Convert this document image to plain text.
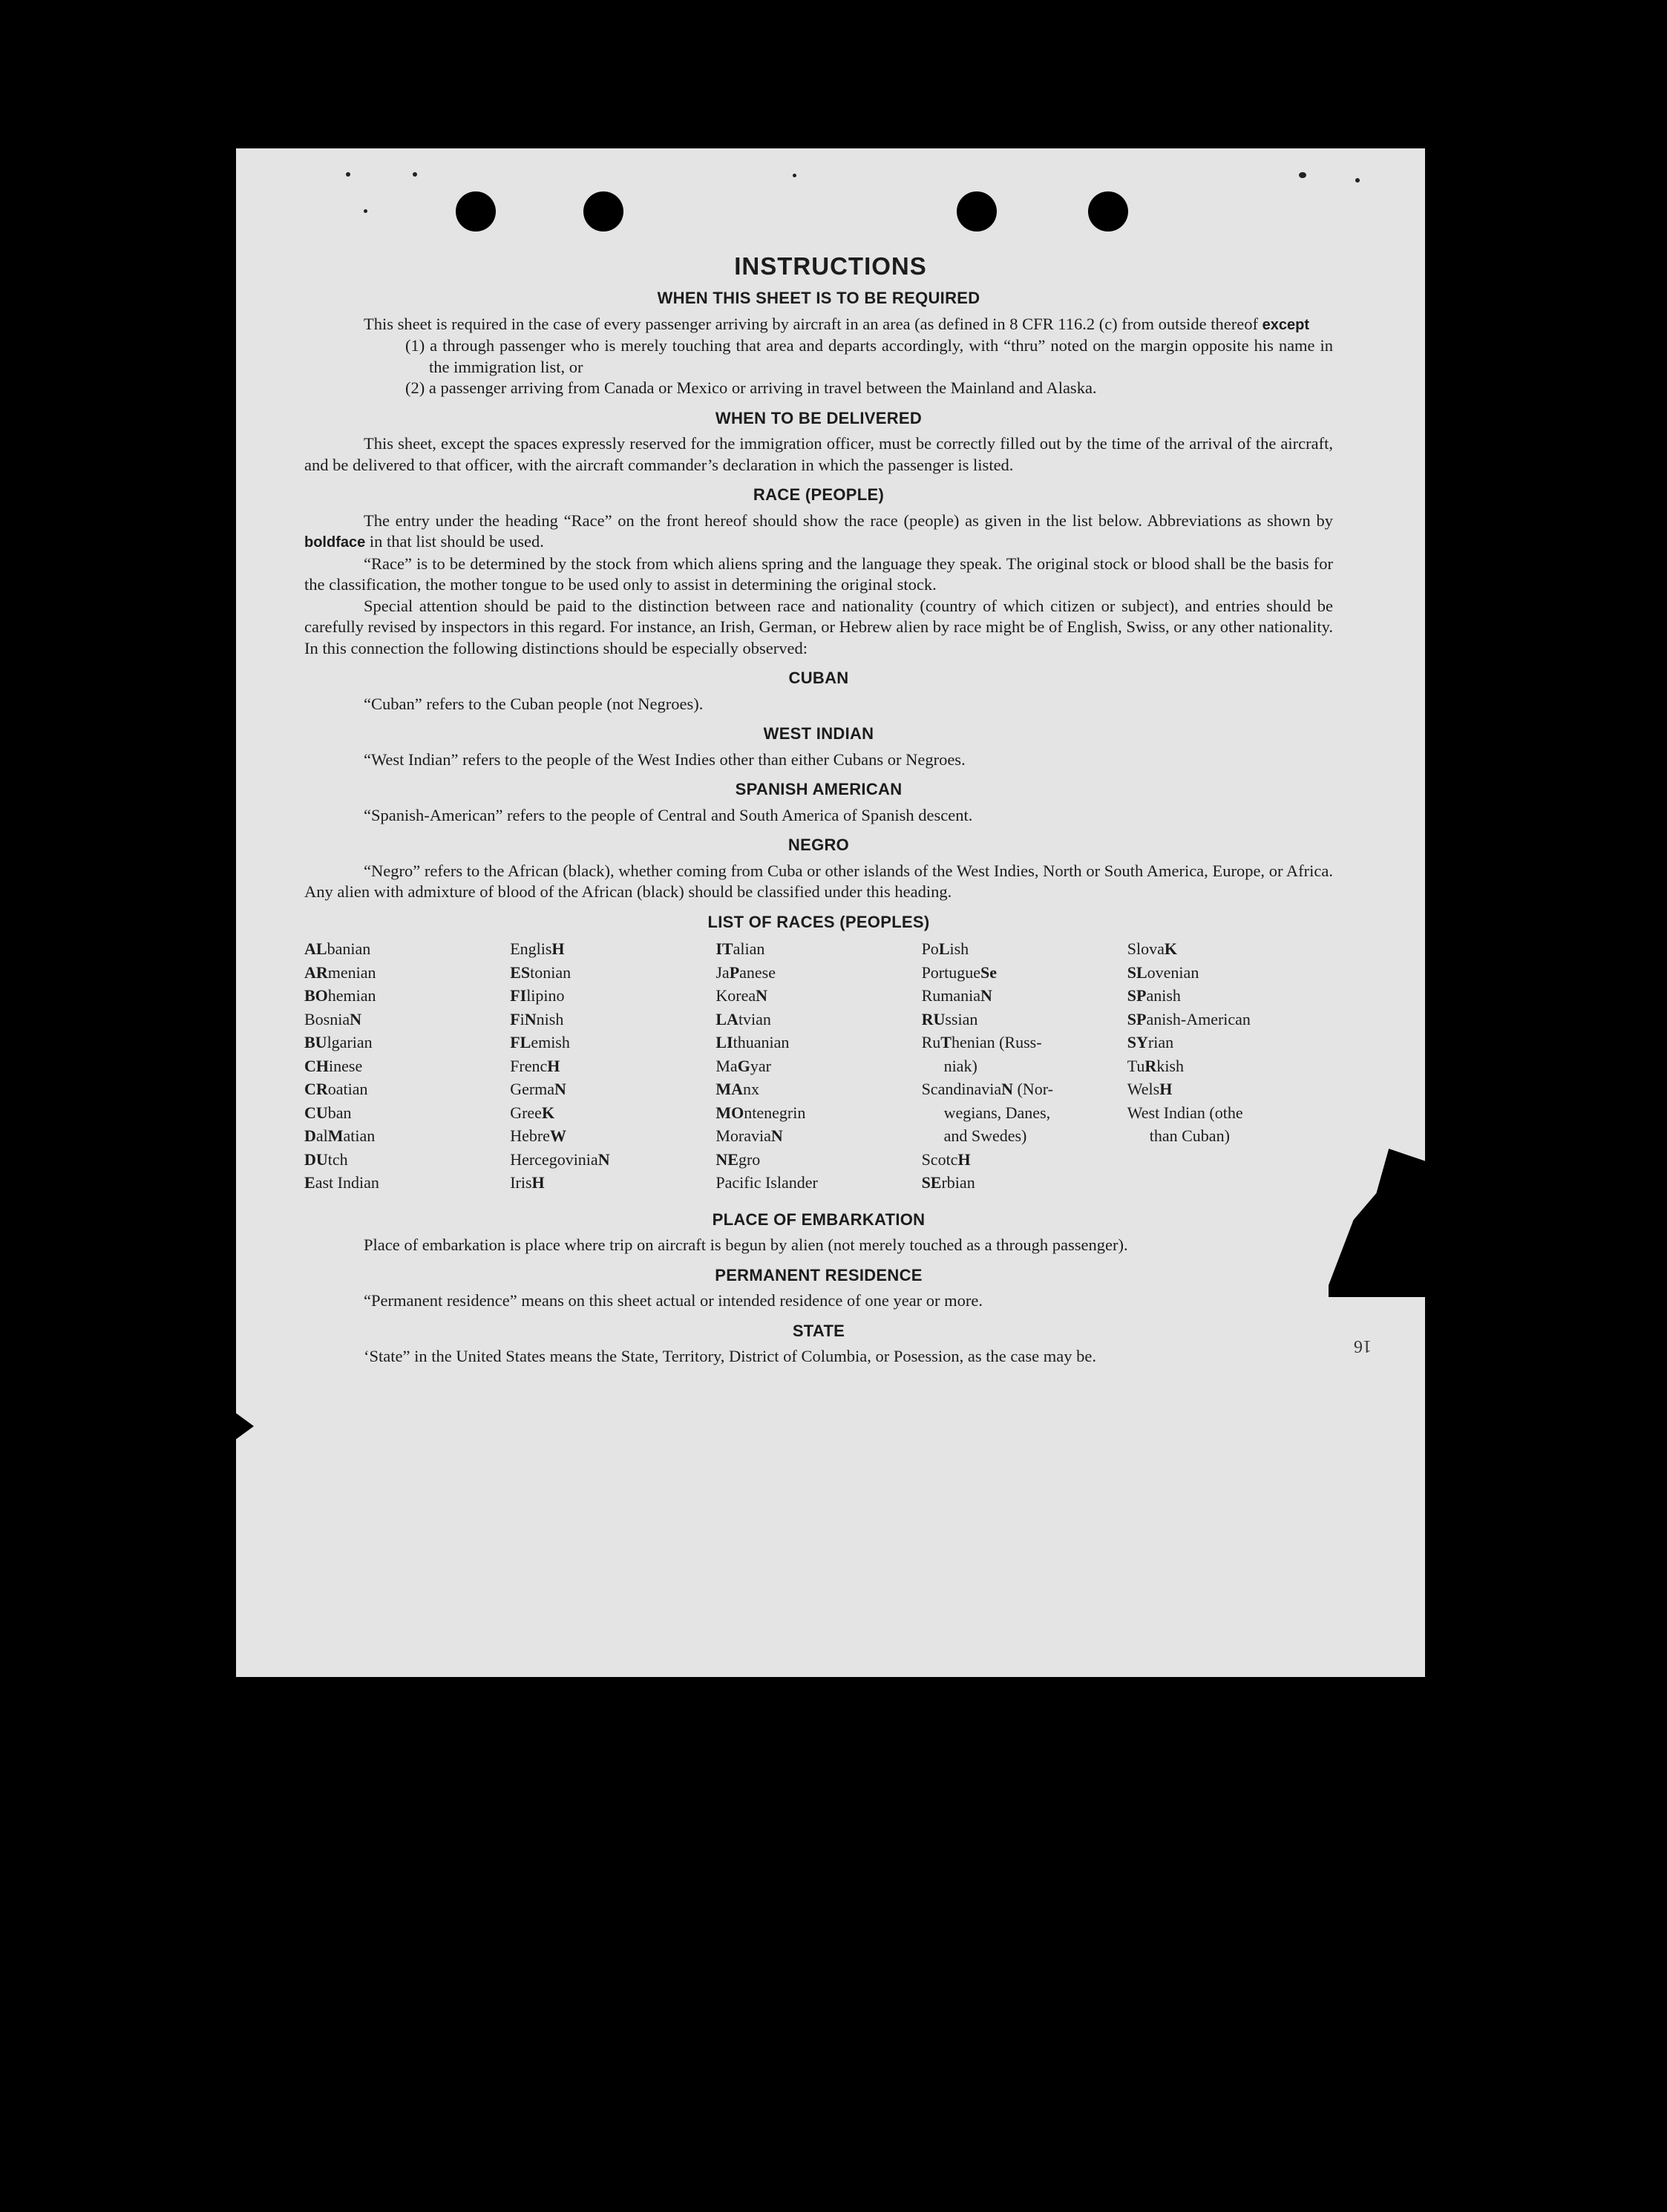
INSTRUCTIONS
WHEN THIS SHEET IS TO BE REQUIRED

This sheet is required in the case of every passenger arriving by aircraft in an area (as defined in 8 CFR 116.2 (c) from outside thereof except

(1) a through passenger who is merely touching that area and departs accordingly, with “thru” noted on the margin opposite his name in the immigration list, or

(2) a passenger arriving from Canada or Mexico or arriving in travel between the Mainland and Alaska.

WHEN TO BE DELIVERED

This sheet, except the spaces expressly reserved for the immigration officer, must be correctly filled out by the time of the arrival of the aircraft, and be delivered to that officer, with the aircraft commander’s declaration in which the passenger is listed.

RACE (PEOPLE)

The entry under the heading “Race” on the front hereof should show the race (people) as given in the list below. Abbreviations as shown by boldface in that list should be used.

“Race” is to be determined by the stock from which aliens spring and the language they speak. The original stock or blood shall be the basis for the classification, the mother tongue to be used only to assist in determining the original stock.

Special attention should be paid to the distinction between race and nationality (country of which citizen or subject), and entries should be carefully revised by inspectors in this regard. For instance, an Irish, German, or Hebrew alien by race might be of English, Swiss, or any other nationality. In this connection the following distinctions should be especially observed:

CUBAN

“Cuban” refers to the Cuban people (not Negroes).

WEST INDIAN

“West Indian” refers to the people of the West Indies other than either Cubans or Negroes.

SPANISH AMERICAN

“Spanish-American” refers to the people of Central and South America of Spanish descent.

NEGRO

“Negro” refers to the African (black), whether coming from Cuba or other islands of the West Indies, North or South America, Europe, or Africa. Any alien with admixture of blood of the African (black) should be classified under this heading.

LIST OF RACES (PEOPLES)
ALbanian
ARmenian
BOhemian
BosniaN
BUlgarian
CHinese
CRoatian
CUban
DalMatian
DUtch
East Indian
EnglisH
EStonian
FIlipino
FiNnish
FLemish
FrencH
GermaN
GreeK
HebreW
HercegoviniaN
IrisH
ITalian
JaPanese
KoreaN
LAtvian
LIthuanian
MaGyar
MAnx
MOntenegrin
MoraviaN
NEgro
Pacific Islander
PoLish
PortugueSe
RumaniaN
RUssian
RuThenian (Russ-
niak)
ScandinaviaN (Nor-
wegians, Danes,
and Swedes)
ScotcH
SErbian
SlovaK
SLovenian
SPanish
SPanish-American
SYrian
TuRkish
WelsH
West Indian (othe
than Cuban)
PLACE OF EMBARKATION

Place of embarkation is place where trip on aircraft is begun by alien (not merely touched as a through passenger).

PERMANENT RESIDENCE

“Permanent residence” means on this sheet actual or intended residence of one year or more.

STATE

‘State” in the United States means the State, Territory, District of Columbia, or Posession, as the case may be.

16
